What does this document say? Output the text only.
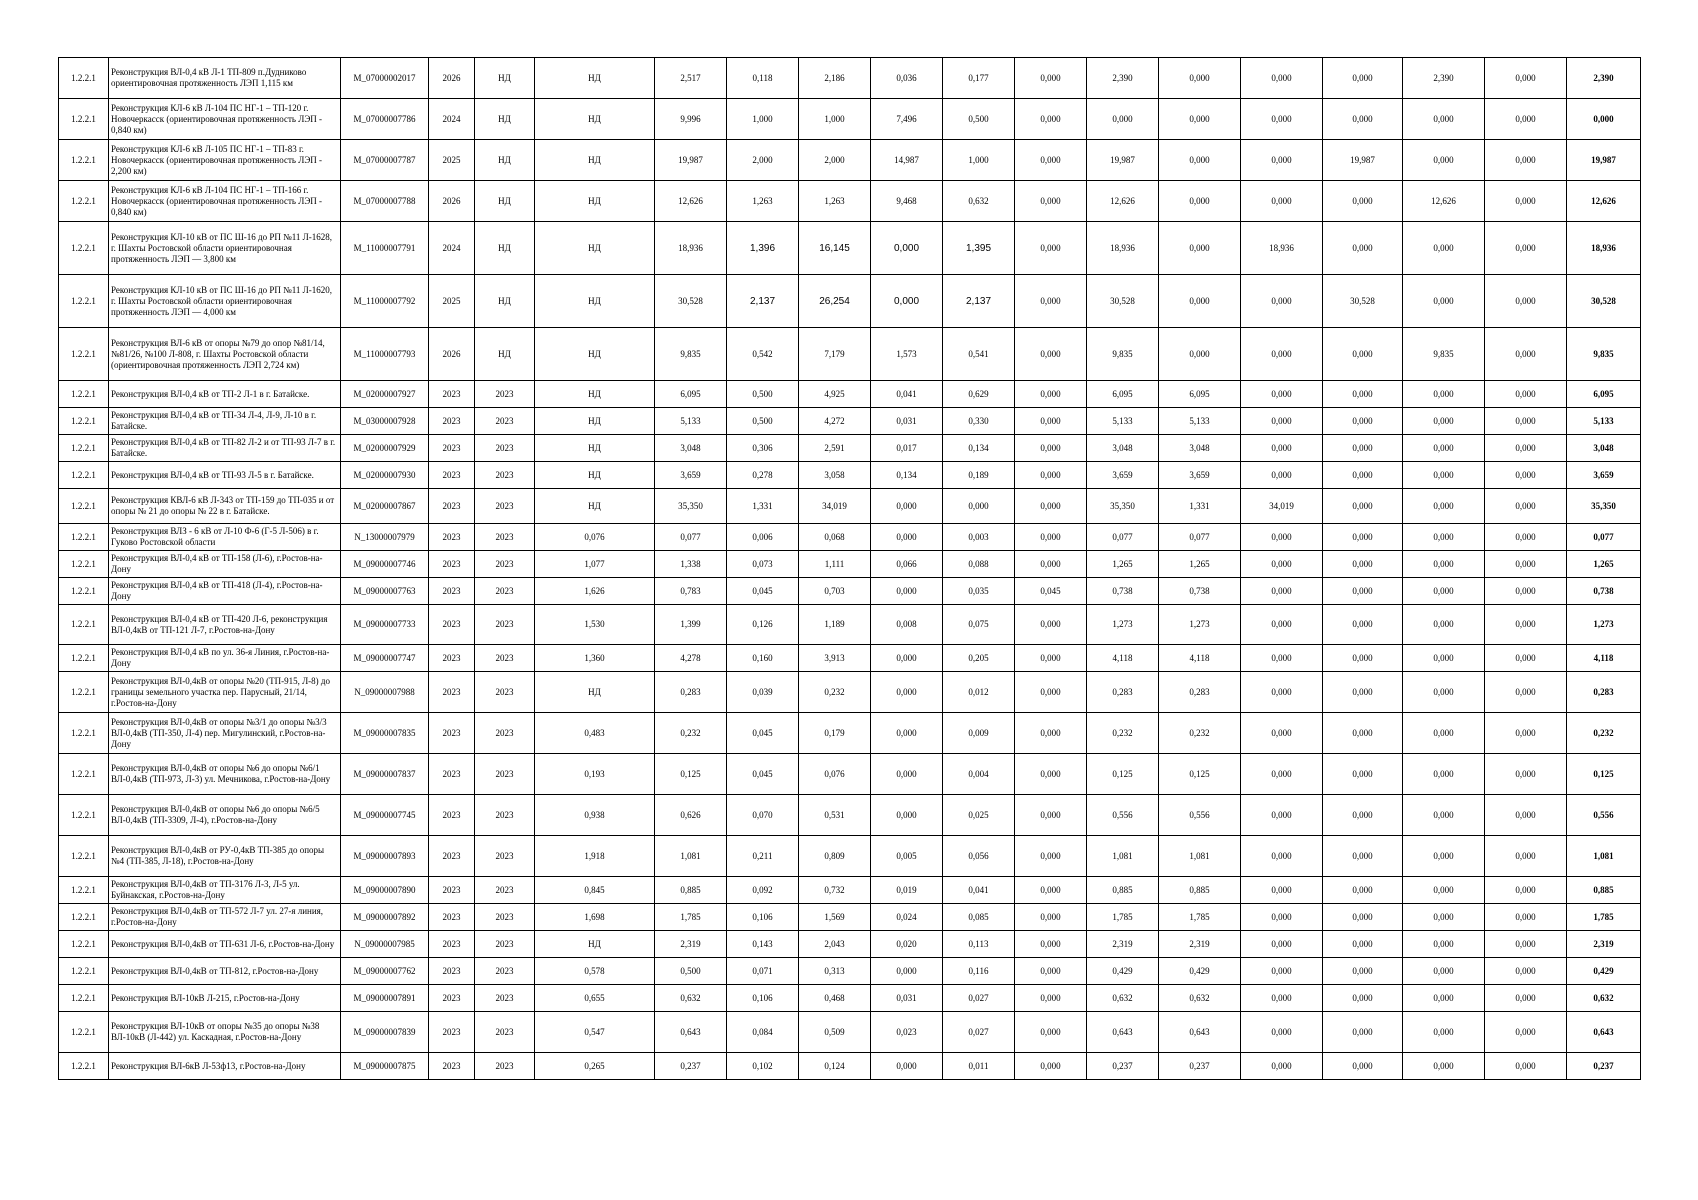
1.2.2.1	Реконструкция ВЛ-0,4 кВ Л-1 ТП-809 п.Дудниково ориентировочная протяженность ЛЭП 1,115 км	M_07000002017	2026	НД	НД	2,517	0,118	2,186	0,036	0,177	0,000	2,390	0,000	0,000	0,000	2,390	0,000	2,390
1.2.2.1	Реконструкция КЛ-6 кВ Л-104 ПС НГ-1 – ТП-120 г. Новочеркасск (ориентировочная протяженность ЛЭП - 0,840 км)	M_07000007786	2024	НД	НД	9,996	1,000	1,000	7,496	0,500	0,000	0,000	0,000	0,000	0,000	0,000	0,000	0,000
1.2.2.1	Реконструкция КЛ-6 кВ Л-105 ПС НГ-1 – ТП-83 г. Новочеркасск (ориентировочная протяженность ЛЭП - 2,200 км)	M_07000007787	2025	НД	НД	19,987	2,000	2,000	14,987	1,000	0,000	19,987	0,000	0,000	19,987	0,000	0,000	19,987
1.2.2.1	Реконструкция КЛ-6 кВ Л-104 ПС НГ-1 – ТП-166 г. Новочеркасск (ориентировочная протяженность ЛЭП - 0,840 км)	M_07000007788	2026	НД	НД	12,626	1,263	1,263	9,468	0,632	0,000	12,626	0,000	0,000	0,000	12,626	0,000	12,626
1.2.2.1	Реконструкция КЛ-10 кВ от ПС Ш-16 до РП №11 Л-1628, г. Шахты Ростовской области ориентировочная протяженность ЛЭП — 3,800 км	M_11000007791	2024	НД	НД	18,936	1,396	16,145	0,000	1,395	0,000	18,936	0,000	18,936	0,000	0,000	0,000	18,936
1.2.2.1	Реконструкция КЛ-10 кВ от ПС Ш-16 до РП №11 Л-1620, г. Шахты Ростовской области ориентировочная протяженность ЛЭП — 4,000 км	M_11000007792	2025	НД	НД	30,528	2,137	26,254	0,000	2,137	0,000	30,528	0,000	0,000	30,528	0,000	0,000	30,528
1.2.2.1	Реконструкция ВЛ-6 кВ от опоры №79 до опор №81/14, №81/26, №100 Л-808, г. Шахты Ростовской области (ориентировочная протяженность ЛЭП 2,724 км)	M_11000007793	2026	НД	НД	9,835	0,542	7,179	1,573	0,541	0,000	9,835	0,000	0,000	0,000	9,835	0,000	9,835
1.2.2.1	Реконструкция ВЛ-0,4 кВ от ТП-2 Л-1 в г. Батайске.	M_02000007927	2023	2023	НД	6,095	0,500	4,925	0,041	0,629	0,000	6,095	6,095	0,000	0,000	0,000	0,000	6,095
1.2.2.1	Реконструкция ВЛ-0,4 кВ от ТП-34 Л-4, Л-9, Л-10 в г. Батайске.	M_03000007928	2023	2023	НД	5,133	0,500	4,272	0,031	0,330	0,000	5,133	5,133	0,000	0,000	0,000	0,000	5,133
1.2.2.1	Реконструкция ВЛ-0,4 кВ от ТП-82 Л-2 и от ТП-93 Л-7 в г. Батайске.	M_02000007929	2023	2023	НД	3,048	0,306	2,591	0,017	0,134	0,000	3,048	3,048	0,000	0,000	0,000	0,000	3,048
1.2.2.1	Реконструкция ВЛ-0,4 кВ от ТП-93 Л-5 в г. Батайске.	M_02000007930	2023	2023	НД	3,659	0,278	3,058	0,134	0,189	0,000	3,659	3,659	0,000	0,000	0,000	0,000	3,659
1.2.2.1	Реконструкция КВЛ-6 кВ Л-343 от ТП-159 до ТП-035 и от опоры № 21 до опоры № 22 в г. Батайске.	M_02000007867	2023	2023	НД	35,350	1,331	34,019	0,000	0,000	0,000	35,350	1,331	34,019	0,000	0,000	0,000	35,350
1.2.2.1	Реконструкция ВЛЗ - 6 кВ от Л-10 Ф-6 (Г-5 Л-506) в г. Гуково Ростовской области	N_13000007979	2023	2023	0,076	0,077	0,006	0,068	0,000	0,003	0,000	0,077	0,077	0,000	0,000	0,000	0,000	0,077
1.2.2.1	Реконструкция ВЛ-0,4 кВ от ТП-158 (Л-6), г.Ростов-на-Дону	M_09000007746	2023	2023	1,077	1,338	0,073	1,111	0,066	0,088	0,000	1,265	1,265	0,000	0,000	0,000	0,000	1,265
1.2.2.1	Реконструкция ВЛ-0,4 кВ от ТП-418 (Л-4), г.Ростов-на-Дону	M_09000007763	2023	2023	1,626	0,783	0,045	0,703	0,000	0,035	0,045	0,738	0,738	0,000	0,000	0,000	0,000	0,738
1.2.2.1	Реконструкция ВЛ-0,4 кВ от ТП-420 Л-6, реконструкция ВЛ-0,4кВ от ТП-121 Л-7, г.Ростов-на-Дону	M_09000007733	2023	2023	1,530	1,399	0,126	1,189	0,008	0,075	0,000	1,273	1,273	0,000	0,000	0,000	0,000	1,273
1.2.2.1	Реконструкция ВЛ-0,4 кВ по ул. 36-я Линия, г.Ростов-на-Дону	M_09000007747	2023	2023	1,360	4,278	0,160	3,913	0,000	0,205	0,000	4,118	4,118	0,000	0,000	0,000	0,000	4,118
1.2.2.1	Реконструкция ВЛ-0,4кВ от опоры №20 (ТП-915, Л-8) до границы земельного участка пер. Парусный, 21/14, г.Ростов-на-Дону	N_09000007988	2023	2023	НД	0,283	0,039	0,232	0,000	0,012	0,000	0,283	0,283	0,000	0,000	0,000	0,000	0,283
1.2.2.1	Реконструкция ВЛ-0,4кВ от опоры №3/1 до опоры №3/3 ВЛ-0,4кВ (ТП-350, Л-4) пер. Мигулинский, г.Ростов-на-Дону	M_09000007835	2023	2023	0,483	0,232	0,045	0,179	0,000	0,009	0,000	0,232	0,232	0,000	0,000	0,000	0,000	0,232
1.2.2.1	Реконструкция ВЛ-0,4кВ от опоры №6 до опоры №6/1 ВЛ-0,4кВ (ТП-973, Л-3) ул. Мечникова, г.Ростов-на-Дону	M_09000007837	2023	2023	0,193	0,125	0,045	0,076	0,000	0,004	0,000	0,125	0,125	0,000	0,000	0,000	0,000	0,125
1.2.2.1	Реконструкция ВЛ-0,4кВ от опоры №6 до опоры №6/5 ВЛ-0,4кВ (ТП-3309, Л-4), г.Ростов-на-Дону	M_09000007745	2023	2023	0,938	0,626	0,070	0,531	0,000	0,025	0,000	0,556	0,556	0,000	0,000	0,000	0,000	0,556
1.2.2.1	Реконструкция ВЛ-0,4кВ от РУ-0,4кВ ТП-385 до опоры №4 (ТП-385, Л-18), г.Ростов-на-Дону	M_09000007893	2023	2023	1,918	1,081	0,211	0,809	0,005	0,056	0,000	1,081	1,081	0,000	0,000	0,000	0,000	1,081
1.2.2.1	Реконструкция ВЛ-0,4кВ от ТП-3176 Л-3, Л-5 ул. Буйнакская, г.Ростов-на-Дону	M_09000007890	2023	2023	0,845	0,885	0,092	0,732	0,019	0,041	0,000	0,885	0,885	0,000	0,000	0,000	0,000	0,885
1.2.2.1	Реконструкция ВЛ-0,4кВ от ТП-572 Л-7 ул. 27-я линия, г.Ростов-на-Дону	M_09000007892	2023	2023	1,698	1,785	0,106	1,569	0,024	0,085	0,000	1,785	1,785	0,000	0,000	0,000	0,000	1,785
1.2.2.1	Реконструкция ВЛ-0,4кВ от ТП-631 Л-6, г.Ростов-на-Дону	N_09000007985	2023	2023	НД	2,319	0,143	2,043	0,020	0,113	0,000	2,319	2,319	0,000	0,000	0,000	0,000	2,319
1.2.2.1	Реконструкция ВЛ-0,4кВ от ТП-812, г.Ростов-на-Дону	M_09000007762	2023	2023	0,578	0,500	0,071	0,313	0,000	0,116	0,000	0,429	0,429	0,000	0,000	0,000	0,000	0,429
1.2.2.1	Реконструкция ВЛ-10кВ Л-215, г.Ростов-на-Дону	M_09000007891	2023	2023	0,655	0,632	0,106	0,468	0,031	0,027	0,000	0,632	0,632	0,000	0,000	0,000	0,000	0,632
1.2.2.1	Реконструкция ВЛ-10кВ от опоры №35 до опоры №38 ВЛ-10кВ (Л-442) ул. Каскадная, г.Ростов-на-Дону	M_09000007839	2023	2023	0,547	0,643	0,084	0,509	0,023	0,027	0,000	0,643	0,643	0,000	0,000	0,000	0,000	0,643
1.2.2.1	Реконструкция ВЛ-6кВ Л-53ф13, г.Ростов-на-Дону	M_09000007875	2023	2023	0,265	0,237	0,102	0,124	0,000	0,011	0,000	0,237	0,237	0,000	0,000	0,000	0,000	0,237
